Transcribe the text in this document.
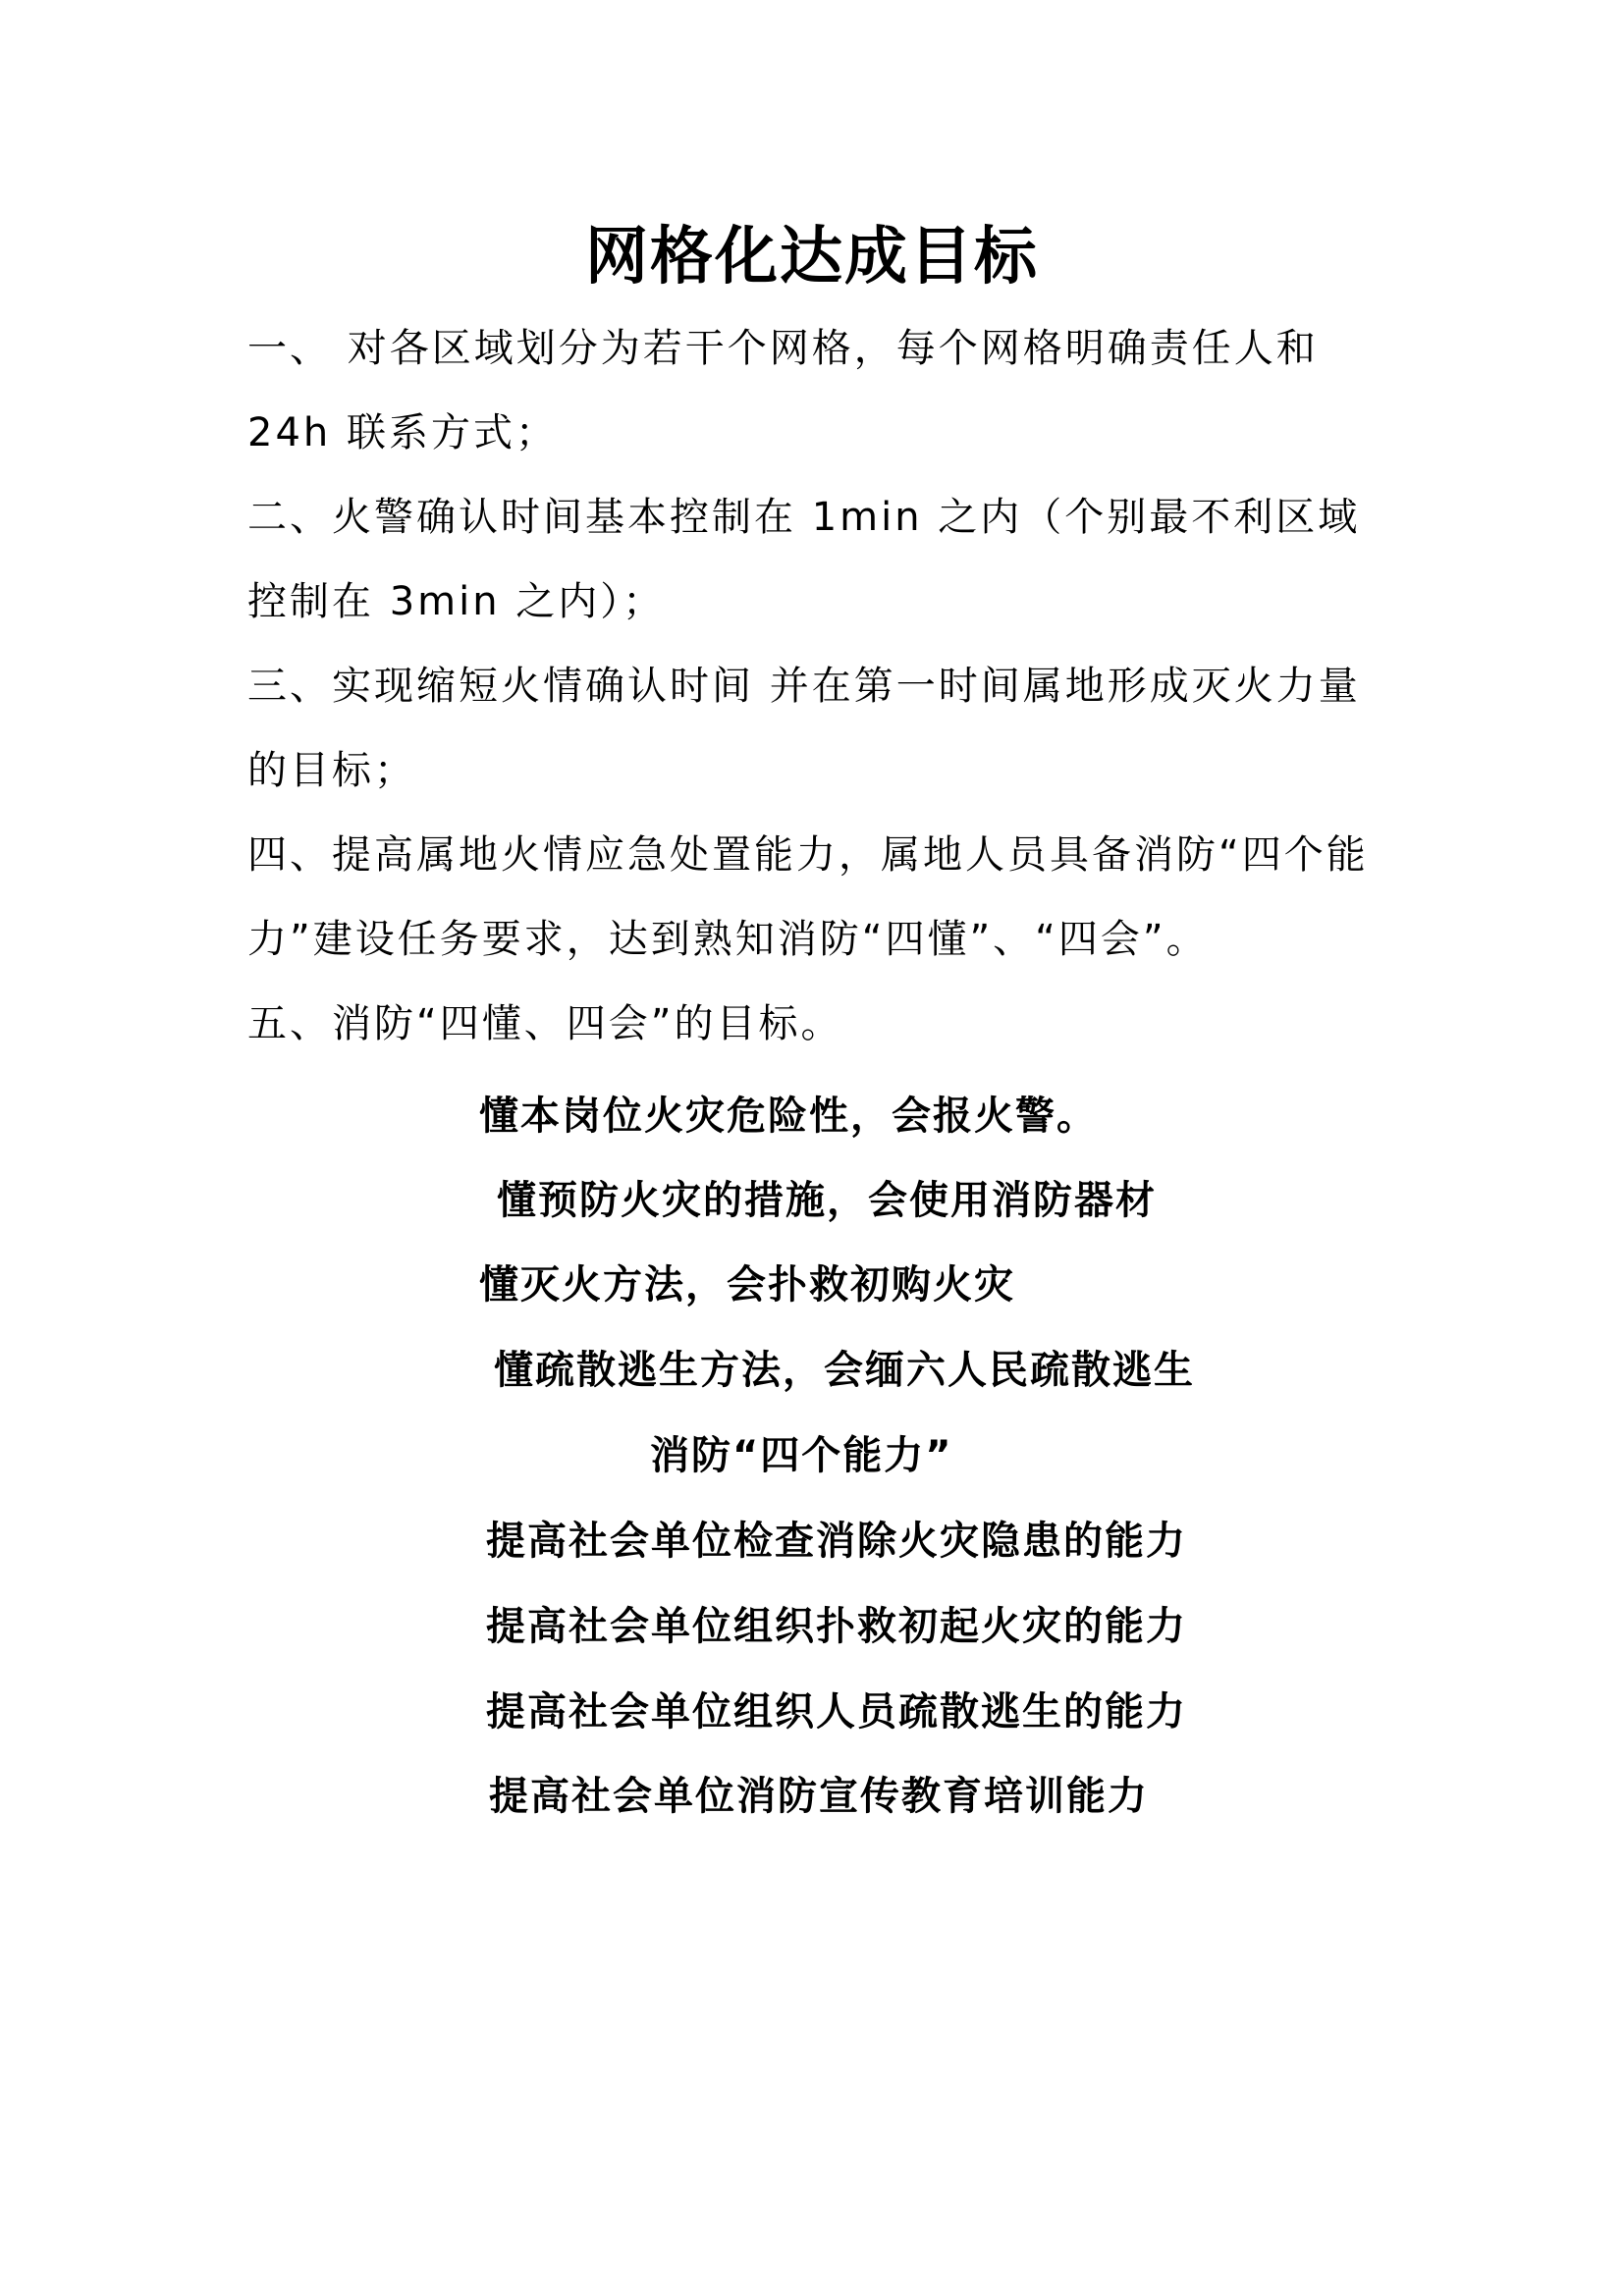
网格化达成目标
一、 对各区域划分为若干个网格，每个网格明确责任人和
24h 联系方式；
二、火警确认时间基本控制在 1min 之内（个别最不利区域
控制在 3min 之内）；
三、实现缩短火情确认时间 并在第一时间属地形成灭火力量
的目标；
四、提高属地火情应急处置能力，属地人员具备消防“四个能
力”建设任务要求，达到熟知消防“四懂”、“四会”。
五、消防“四懂、四会”的目标。
懂本岗位火灾危险性，会报火警。
懂预防火灾的措施，会使用消防器材
懂灭火方法，会扑救初购火灾
懂疏散逃生方法，会缅六人民疏散逃生
消防“四个能力”
提高社会单位检查消除火灾隐患的能力
提高社会单位组织扑救初起火灾的能力
提高社会单位组织人员疏散逃生的能力
提高社会单位消防宣传教育培训能力
